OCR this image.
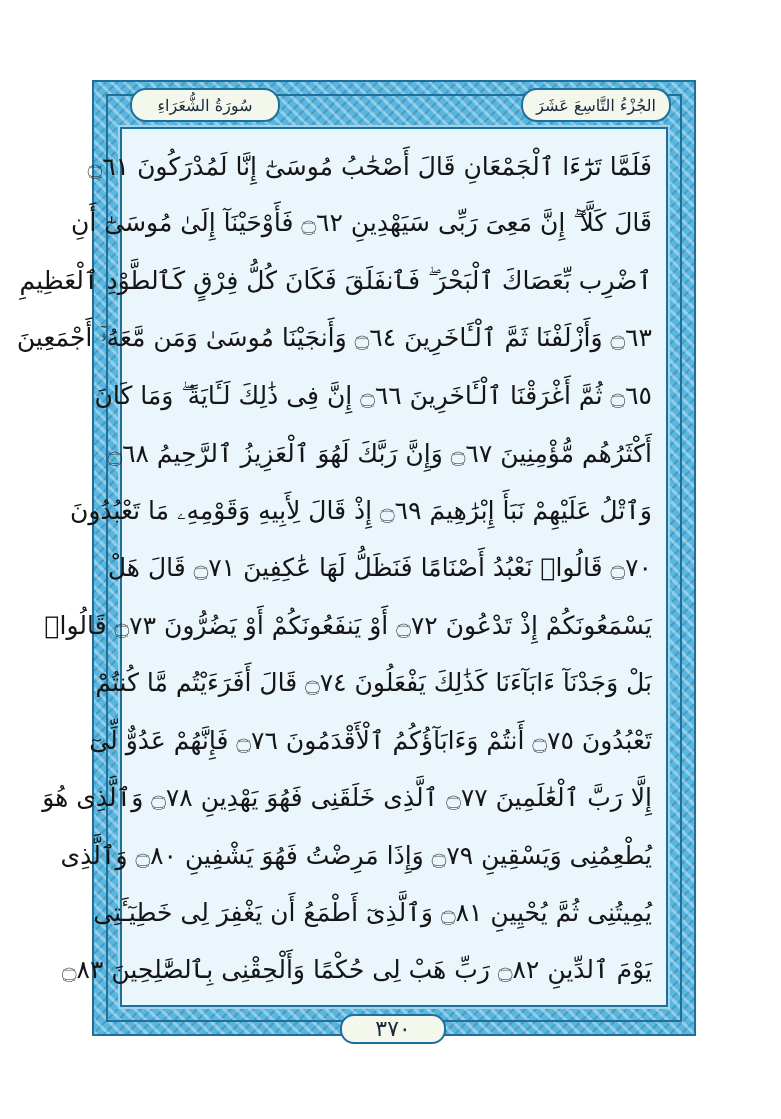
الجُزْءُ التَّاسِعَ عَشَرَ
سُورَةُ الشُّعَرَاءِ
فَلَمَّا تَرَٰٓءَا ٱلْجَمْعَانِ قَالَ أَصْحَٰبُ مُوسَىٰٓ إِنَّا لَمُدْرَكُونَ ۝٦١
قَالَ كَلَّآ ۖ إِنَّ مَعِىَ رَبِّى سَيَهْدِينِ ۝٦٢ فَأَوْحَيْنَآ إِلَىٰ مُوسَىٰٓ أَنِ
ٱضْرِب بِّعَصَاكَ ٱلْبَحْرَ ۖ فَٱنفَلَقَ فَكَانَ كُلُّ فِرْقٍ كَٱلطَّوْدِ ٱلْعَظِيمِ
۝٦٣ وَأَزْلَفْنَا ثَمَّ ٱلْـَٔاخَرِينَ ۝٦٤ وَأَنجَيْنَا مُوسَىٰ وَمَن مَّعَهُۥٓ أَجْمَعِينَ
۝٦٥ ثُمَّ أَغْرَقْنَا ٱلْـَٔاخَرِينَ ۝٦٦ إِنَّ فِى ذَٰلِكَ لَـَٔايَةً ۖ وَمَا كَانَ
أَكْثَرُهُم مُّؤْمِنِينَ ۝٦٧ وَإِنَّ رَبَّكَ لَهُوَ ٱلْعَزِيزُ ٱلرَّحِيمُ ۝٦٨
وَٱتْلُ عَلَيْهِمْ نَبَأَ إِبْرَٰهِيمَ ۝٦٩ إِذْ قَالَ لِأَبِيهِ وَقَوْمِهِۦ مَا تَعْبُدُونَ
۝٧٠ قَالُوا۟ نَعْبُدُ أَصْنَامًا فَنَظَلُّ لَهَا عَٰكِفِينَ ۝٧١ قَالَ هَلْ
يَسْمَعُونَكُمْ إِذْ تَدْعُونَ ۝٧٢ أَوْ يَنفَعُونَكُمْ أَوْ يَضُرُّونَ ۝٧٣ قَالُوا۟
بَلْ وَجَدْنَآ ءَابَآءَنَا كَذَٰلِكَ يَفْعَلُونَ ۝٧٤ قَالَ أَفَرَءَيْتُم مَّا كُنتُمْ
تَعْبُدُونَ ۝٧٥ أَنتُمْ وَءَابَآؤُكُمُ ٱلْأَقْدَمُونَ ۝٧٦ فَإِنَّهُمْ عَدُوٌّ لِّىٓ
إِلَّا رَبَّ ٱلْعَٰلَمِينَ ۝٧٧ ٱلَّذِى خَلَقَنِى فَهُوَ يَهْدِينِ ۝٧٨ وَٱلَّذِى هُوَ
يُطْعِمُنِى وَيَسْقِينِ ۝٧٩ وَإِذَا مَرِضْتُ فَهُوَ يَشْفِينِ ۝٨٠ وَٱلَّذِى
يُمِيتُنِى ثُمَّ يُحْيِينِ ۝٨١ وَٱلَّذِىٓ أَطْمَعُ أَن يَغْفِرَ لِى خَطِيٓـَٔتِى
يَوْمَ ٱلدِّينِ ۝٨٢ رَبِّ هَبْ لِى حُكْمًا وَأَلْحِقْنِى بِٱلصَّٰلِحِينَ ۝٨٣
٣٧٠
